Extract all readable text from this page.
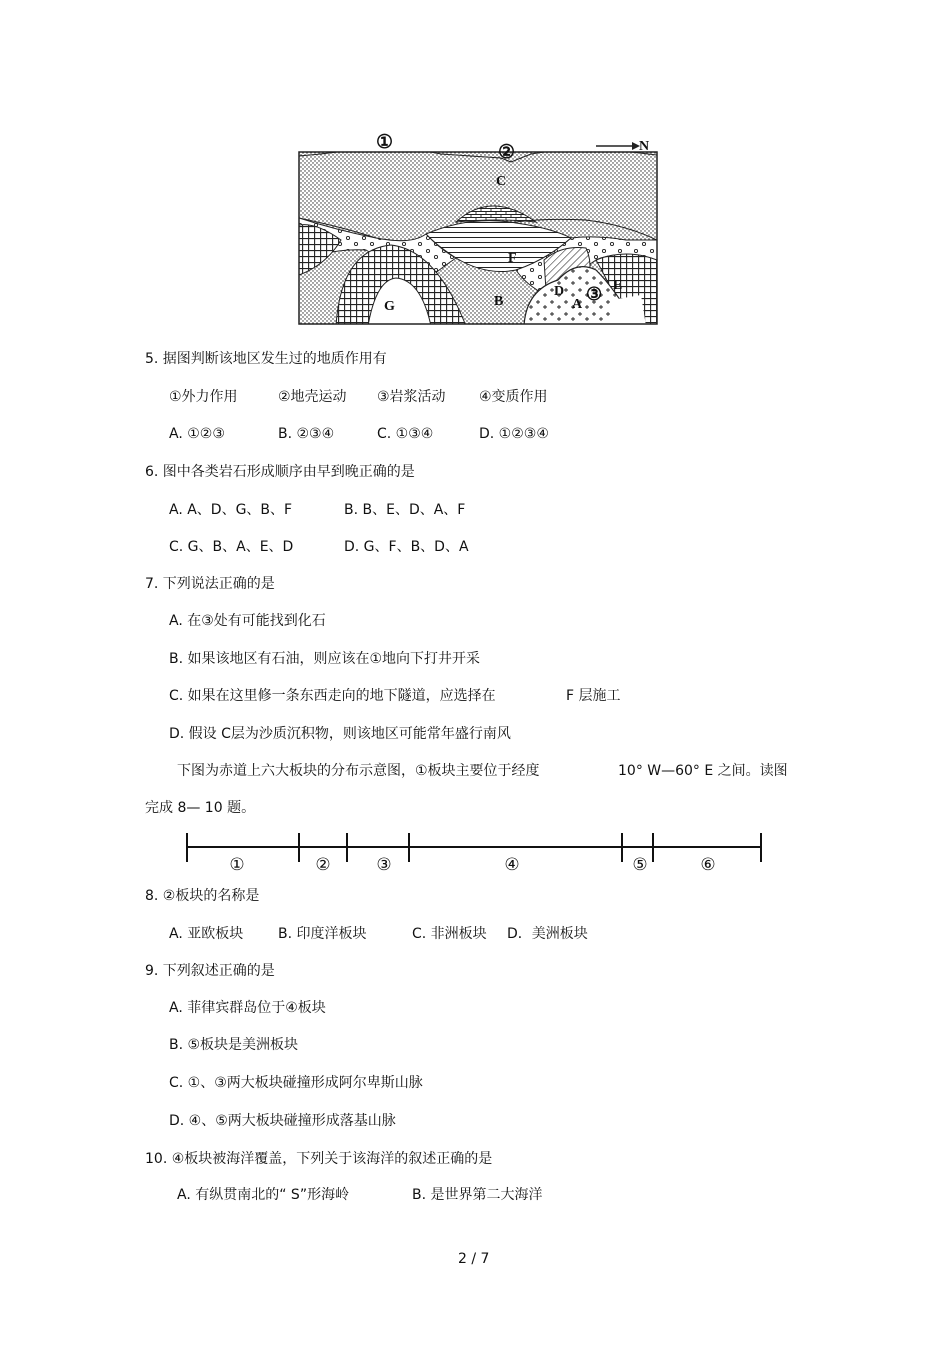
①	②	N
C
F
G	B
D
A
③ E
5. 据图判断该地区发生过的地质作用有
①外力作用	②地壳运动 ③岩浆活动 ④变质作用
A. ①②③	B. ②③④	C. ①③④	D. ①②③④
6. 图中各类岩石形成顺序由早到晚正确的是
A. A、D、G、B、F	B. B、E、D、A、F
C. G、B、A、E、D	D. G、F、B、D、A
7. 下列说法正确的是
A. 在③处有可能找到化石
B. 如果该地区有石油，则应该在①地向下打井开采
C. 如果在这里修一条东西走向的地下隧道，应选择在	F 层施工
D. 假设 C层为沙质沉积物，则该地区可能常年盛行南风
下图为赤道上六大板块的分布示意图，①板块主要位于经度	10° W—60° E 之间。读图
完成 8— 10 题。
①	②	③	④	⑤	⑥
8. ②板块的名称是
A. 亚欧板块 B. 印度洋板块	C. 非洲板块 D．美洲板块
9. 下列叙述正确的是
A. 菲律宾群岛位于④板块
B. ⑤板块是美洲板块
C. ①、③两大板块碰撞形成阿尔卑斯山脉
D. ④、⑤两大板块碰撞形成落基山脉
10. ④板块被海洋覆盖，下列关于该海洋的叙述正确的是
A. 有纵贯南北的“ S”形海岭	B. 是世界第二大海洋
2 / 7
